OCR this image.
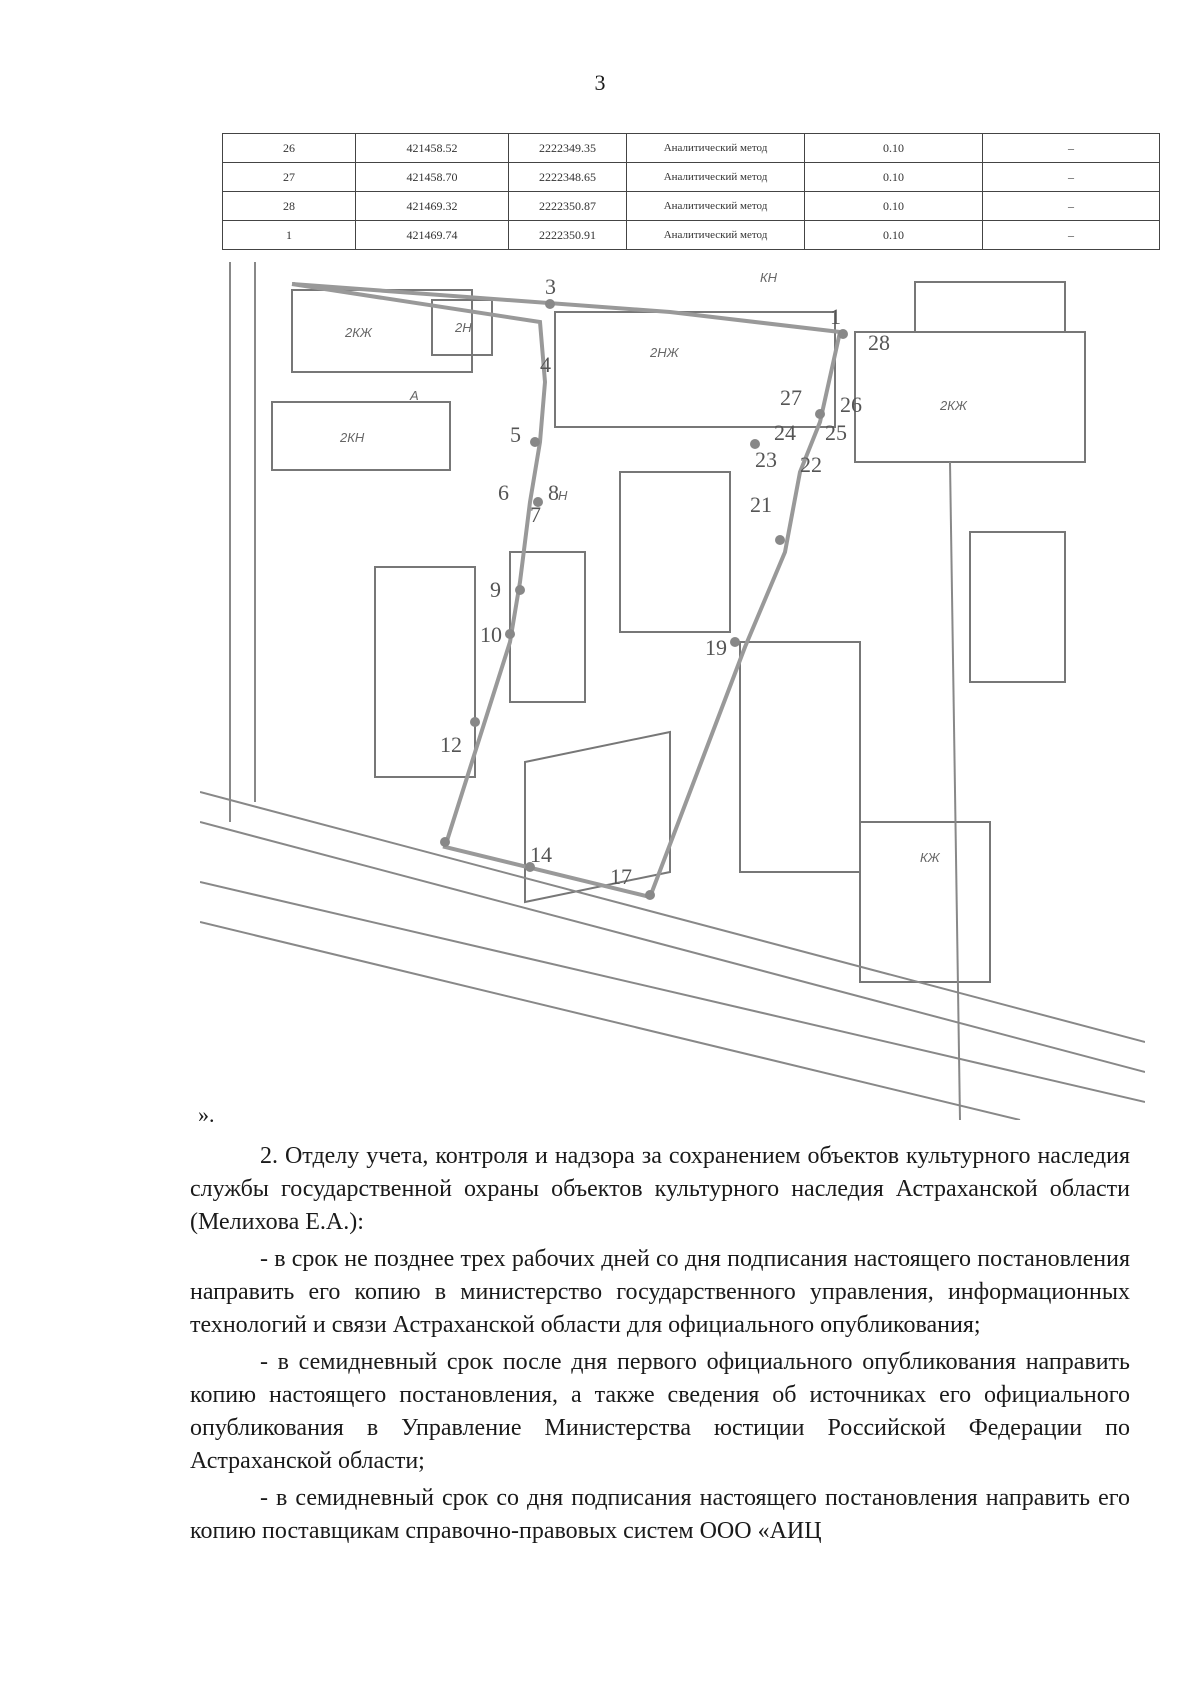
3
26	421458.52	2222349.35	Аналитический метод	0.10	–
27	421458.70	2222348.65	Аналитический метод	0.10	–
28	421469.32	2222350.87	Аналитический метод	0.10	–
1	421469.74	2222350.91	Аналитический метод	0.10	–
3
1
28
26
27
25
24
23 22
21
4
5
6
7
8
9
10
12
14
17
19
2КЖ	2Н
2КН
2КЖ
КН
2НЖ
КЖ
А
Н
».

2. Отделу учета, контроля и надзора за сохранением объектов культурного наследия службы государственной охраны объектов культурного наследия Астраханской области (Мелихова Е.А.):

- в срок не позднее трех рабочих дней со дня подписания настоящего постановления направить его копию в министерство государственного управления, информационных технологий и связи Астраханской области для официального опубликования;

- в семидневный срок после дня первого официального опубликования направить копию настоящего постановления, а также сведения об источниках его официального опубликования в Управление Министерства юстиции Российской Федерации по Астраханской области;

- в семидневный срок со дня подписания настоящего постановления направить его копию поставщикам справочно-правовых систем ООО «АИЦ
